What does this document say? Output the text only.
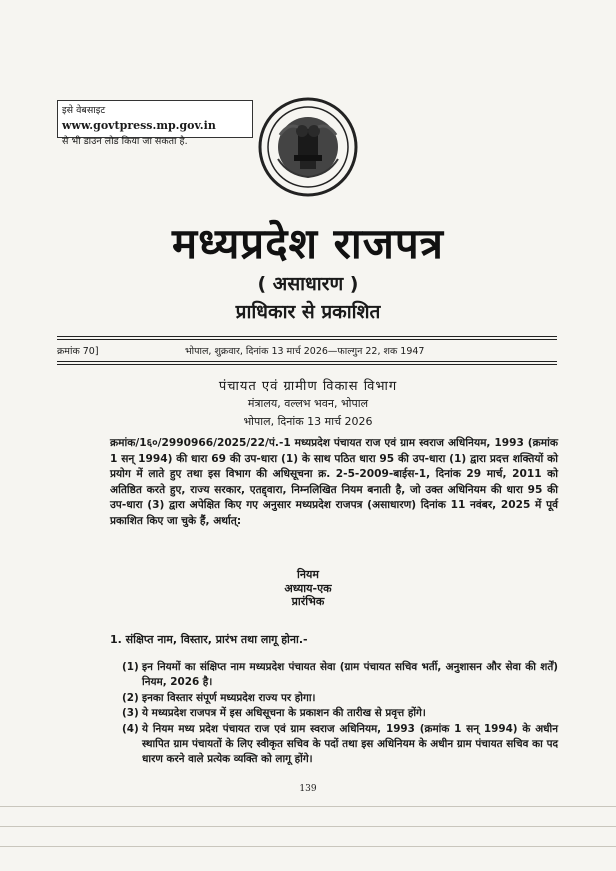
इसे वेबसाइट www.govtpress.mp.gov.in
से भी डाउन लोड किया जा सकता है.
मध्यप्रदेश राजपत्र
( असाधारण )
प्राधिकार से प्रकाशित
क्रमांक 70]	भोपाल, शुक्रवार, दिनांक 13 मार्च 2026—फाल्गुन 22, शक 1947
पंचायत एवं ग्रामीण विकास विभाग
मंत्रालय, वल्लभ भवन, भोपाल
भोपाल, दिनांक 13 मार्च 2026
क्रमांक/1६०/2990966/2025/22/पं.-1 मध्यप्रदेश पंचायत राज एवं ग्राम स्वराज अधिनियम, 1993 (क्रमांक 1 सन् 1994) की धारा 69 की उप-धारा (1) के साथ पठित धारा 95 की उप-धारा (1) द्वारा प्रदत्त शक्तियों को प्रयोग में लाते हुए तथा इस विभाग की अधिसूचना क्र. 2-5-2009-बाईस-1, दिनांक 29 मार्च, 2011 को अतिष्ठित करते हुए, राज्य सरकार, एतद्द्वारा, निम्नलिखित नियम बनाती है, जो उक्त अधिनियम की धारा 95 की उप-धारा (3) द्वारा अपेक्षित किए गए अनुसार मध्यप्रदेश राजपत्र (असाधारण) दिनांक 11 नवंबर, 2025 में पूर्व प्रकाशित किए जा चुके हैं, अर्थात्:
नियम
अध्याय-एक
प्रारंभिक
1. संक्षिप्त नाम, विस्तार, प्रारंभ तथा लागू होना.-
(1) इन नियमों का संक्षिप्त नाम मध्यप्रदेश पंचायत सेवा (ग्राम पंचायत सचिव भर्ती, अनुशासन और सेवा की शर्तें) नियम, 2026 है।
(2) इनका विस्तार संपूर्ण मध्यप्रदेश राज्य पर होगा।
(3) ये मध्यप्रदेश राजपत्र में इस अधिसूचना के प्रकाशन की तारीख से प्रवृत्त होंगे।
(4) ये नियम मध्य प्रदेश पंचायत राज एवं ग्राम स्वराज अधिनियम, 1993 (क्रमांक 1 सन् 1994) के अधीन स्थापित ग्राम पंचायतों के लिए स्वीकृत सचिव के पदों तथा इस अधिनियम के अधीन ग्राम पंचायत सचिव का पद धारण करने वाले प्रत्येक व्यक्ति को लागू होंगे।
139
